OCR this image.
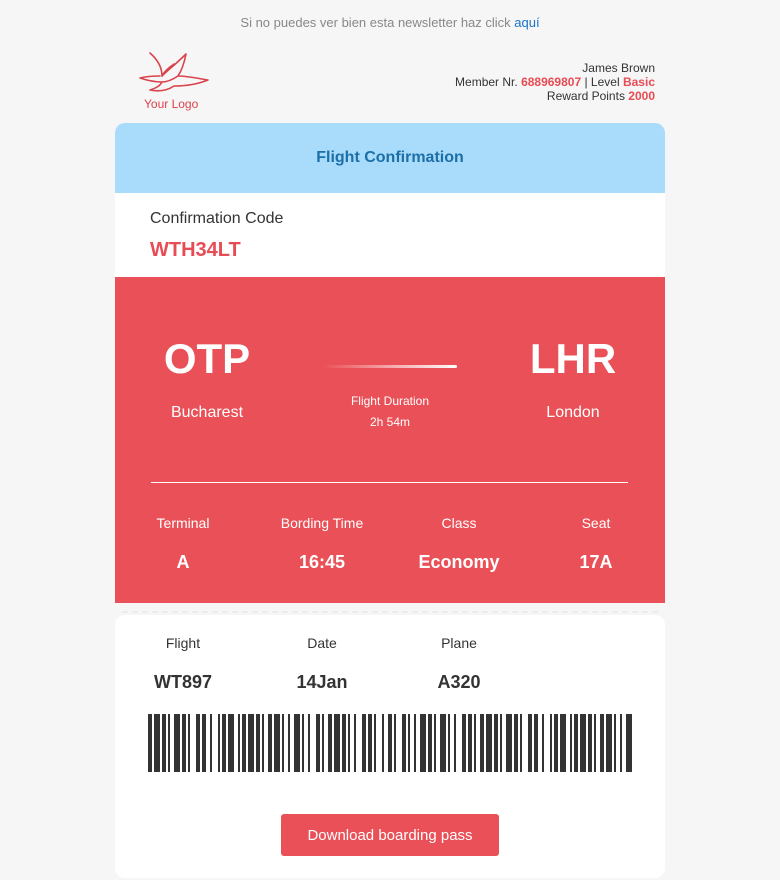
Si no puedes ver bien esta newsletter haz click aquí
Your Logo
James Brown
Member Nr. 688969807 | Level Basic
Reward Points 2000
Flight Confirmation
Confirmation Code
WTH34LT
OTP
Bucharest
Flight Duration
2h 54m
LHR
London
Terminal
A
Bording Time
16:45
Class
Economy
Seat
17A
Flight
WT897
Date
14Jan
Plane
A320
Download boarding pass
